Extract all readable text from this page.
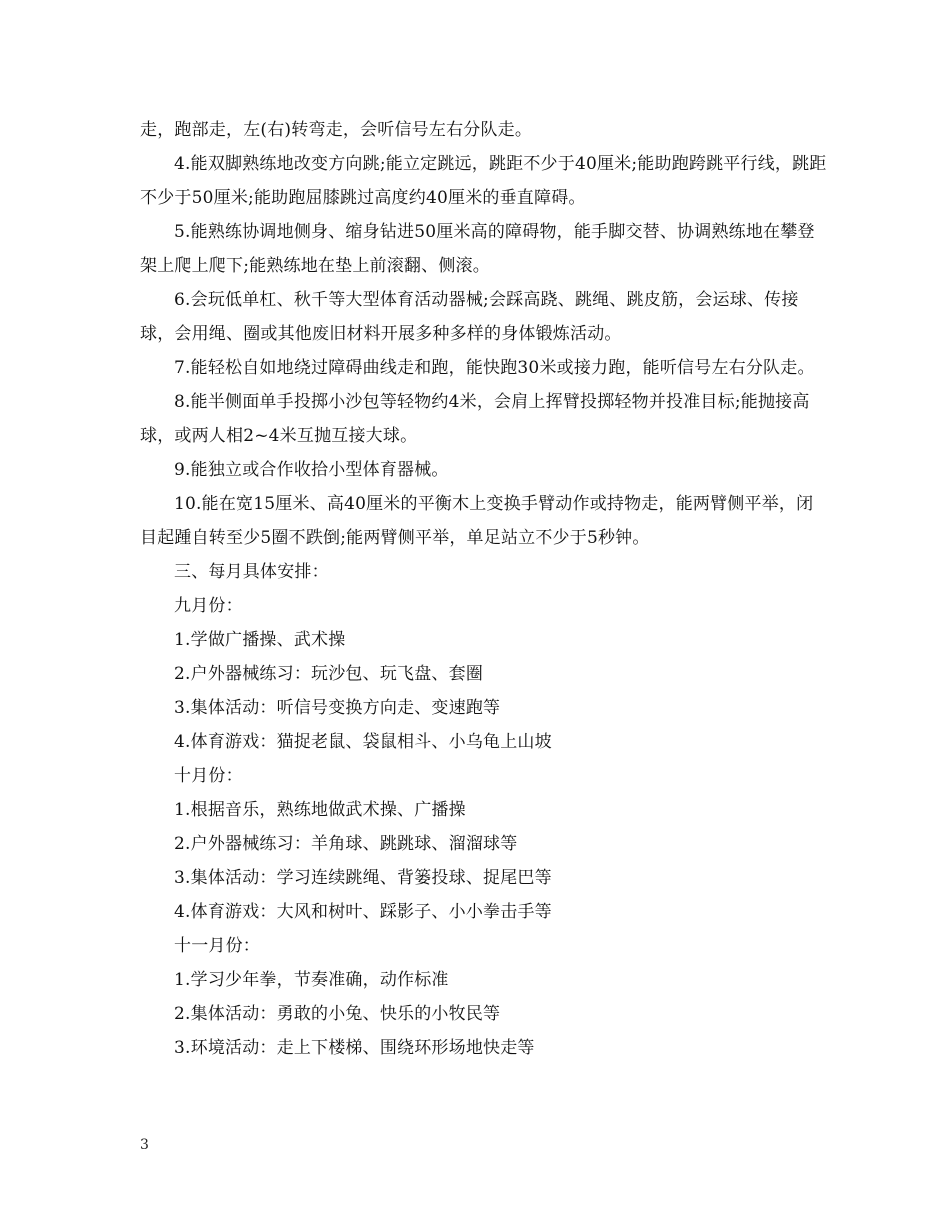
走，跑部走，左(右)转弯走，会听信号左右分队走。

4.能双脚熟练地改变方向跳;能立定跳远，跳距不少于40厘米;能助跑跨跳平行线，跳距不少于50厘米;能助跑屈膝跳过高度约40厘米的垂直障碍。

5.能熟练协调地侧身、缩身钻进50厘米高的障碍物，能手脚交替、协调熟练地在攀登架上爬上爬下;能熟练地在垫上前滚翻、侧滚。

6.会玩低单杠、秋千等大型体育活动器械;会踩高跷、跳绳、跳皮筋，会运球、传接球，会用绳、圈或其他废旧材料开展多种多样的身体锻炼活动。

7.能轻松自如地绕过障碍曲线走和跑，能快跑30米或接力跑，能听信号左右分队走。

8.能半侧面单手投掷小沙包等轻物约4米，会肩上挥臂投掷轻物并投准目标;能抛接高球，或两人相2~4米互抛互接大球。

9.能独立或合作收拾小型体育器械。

10.能在宽15厘米、高40厘米的平衡木上变换手臂动作或持物走，能两臂侧平举，闭目起踵自转至少5圈不跌倒;能两臂侧平举，单足站立不少于5秒钟。

三、每月具体安排：

九月份：

1.学做广播操、武术操

2.户外器械练习：玩沙包、玩飞盘、套圈

3.集体活动：听信号变换方向走、变速跑等

4.体育游戏：猫捉老鼠、袋鼠相斗、小乌龟上山坡

十月份：

1.根据音乐，熟练地做武术操、广播操

2.户外器械练习：羊角球、跳跳球、溜溜球等

3.集体活动：学习连续跳绳、背篓投球、捉尾巴等

4.体育游戏：大风和树叶、踩影子、小小拳击手等

十一月份：

1.学习少年拳，节奏准确，动作标准

2.集体活动：勇敢的小兔、快乐的小牧民等

3.环境活动：走上下楼梯、围绕环形场地快走等

3
